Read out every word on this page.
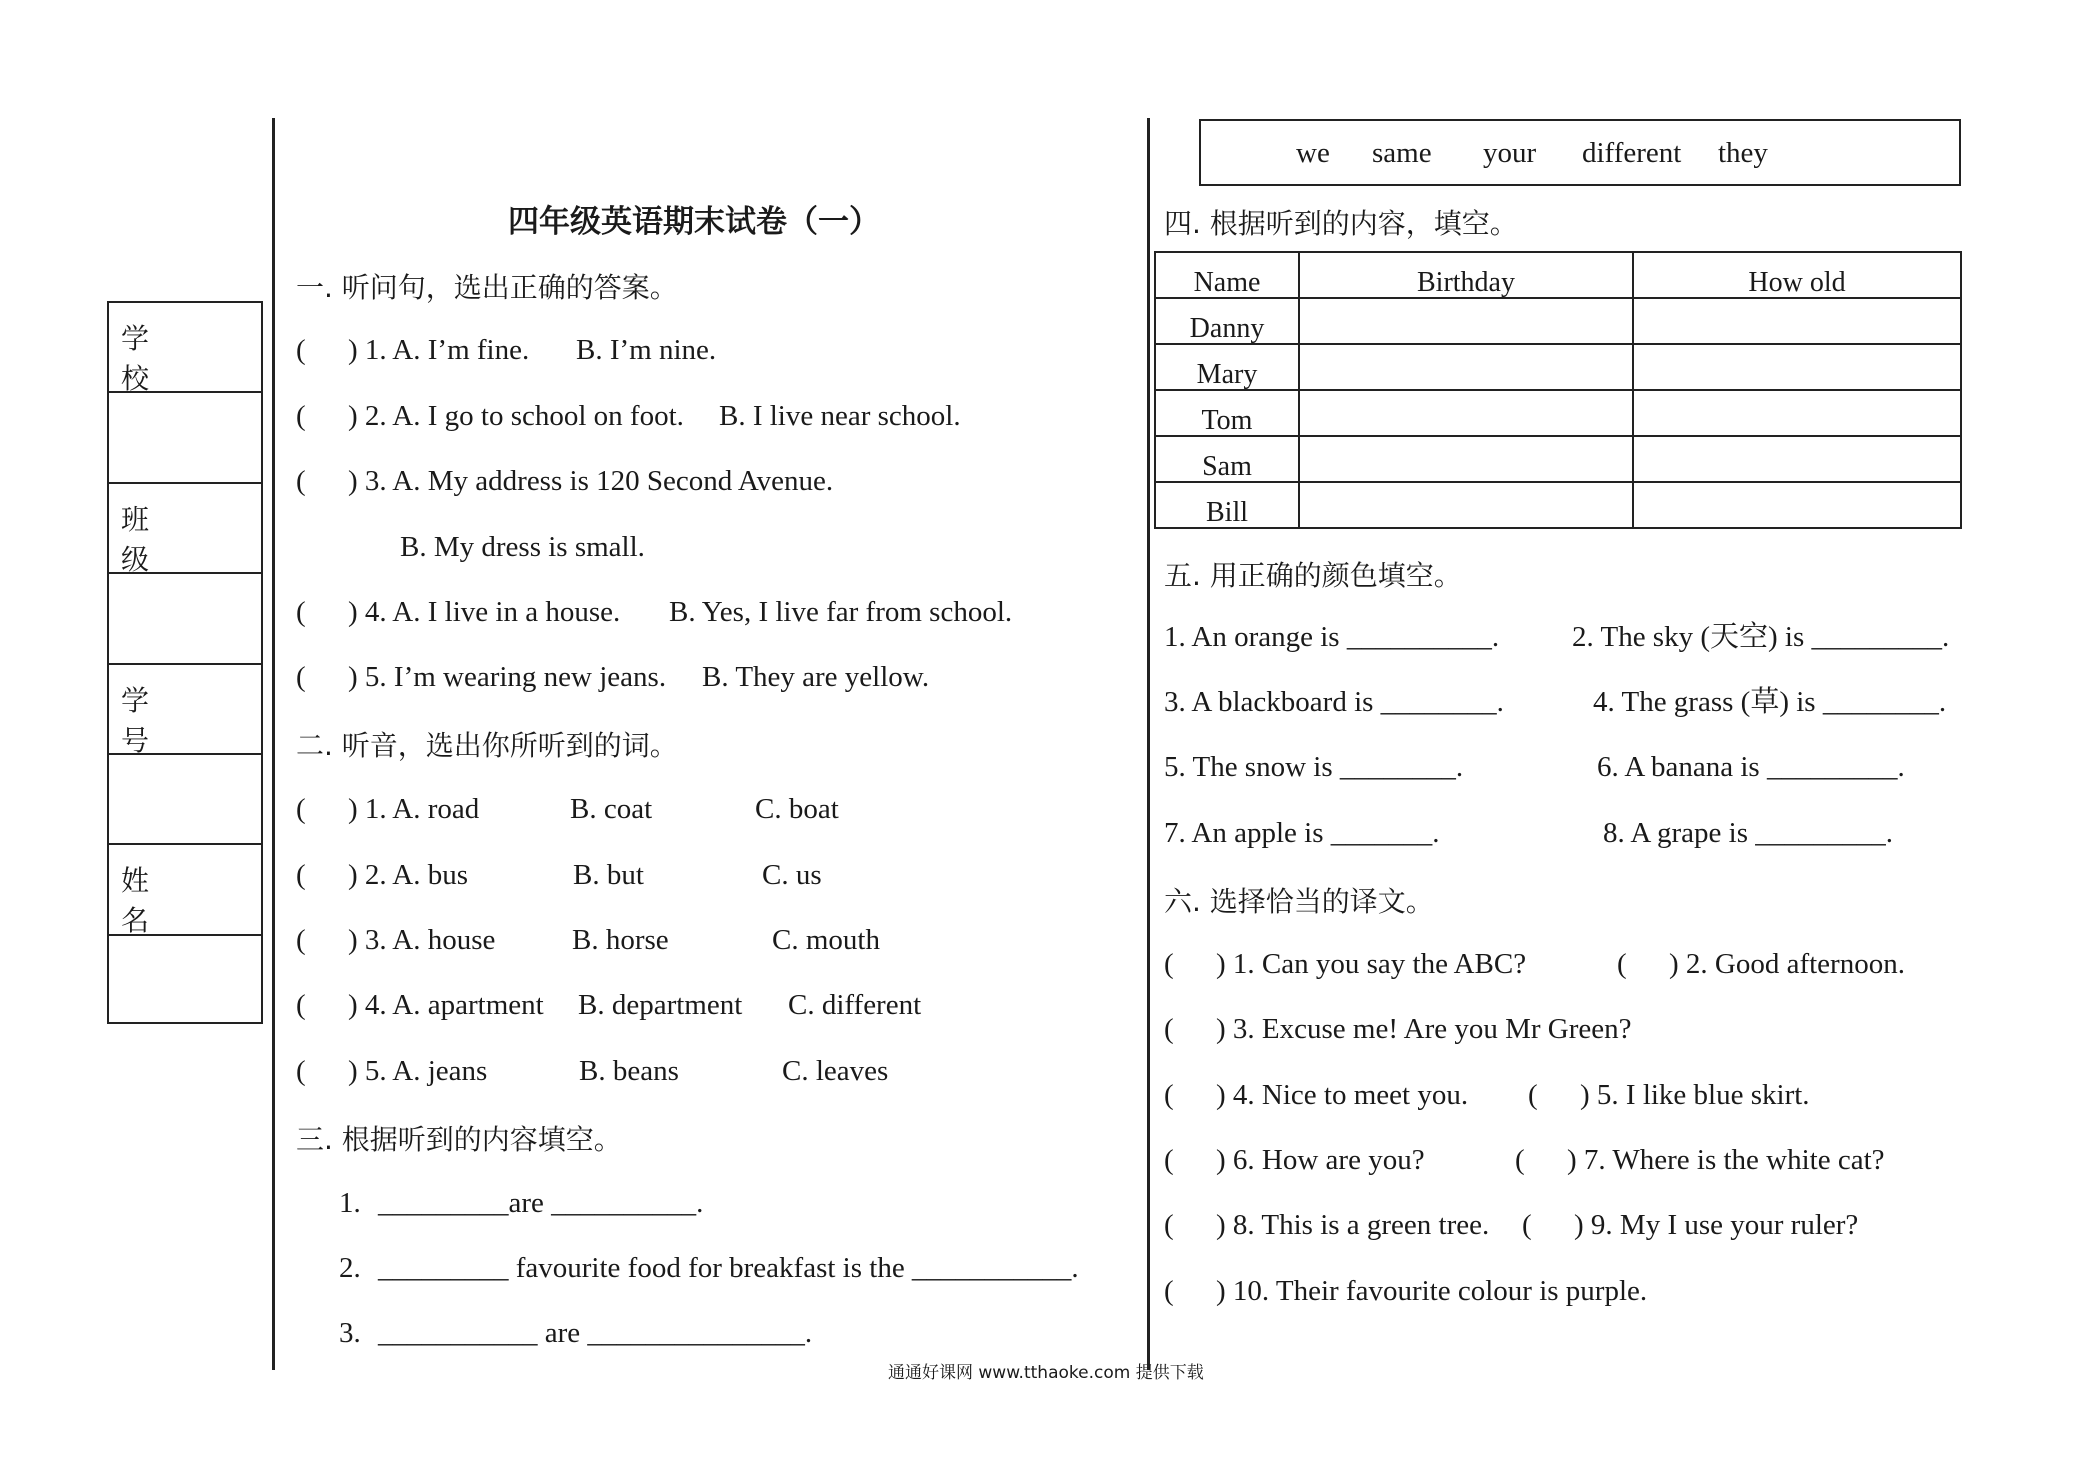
学 校
班 级
学 号
姓 名
四年级英语期末试卷（一）
一. 听问句，选出正确的答案。
( ) 1. A. I’m fine. B. I’m nine.
( ) 2. A. I go to school on foot. B. I live near school.
( ) 3. A. My address is 120 Second Avenue.
B. My dress is small.
( ) 4. A. I live in a house. B. Yes, I live far from school.
( ) 5. I’m wearing new jeans. B. They are yellow.
二. 听音，选出你所听到的词。
( ) 1. A. road	B. coat	C. boat
( ) 2. A. bus	B. but	C. us
( ) 3. A. house	B. horse	C. mouth
( ) 4. A. apartment B. department C. different
( ) 5. A. jeans	B. beans	C. leaves
三. 根据听到的内容填空。
1. _________are __________.
2. _________ favourite food for breakfast is the ___________.
3. ___________ are _______________.
we same your different they
四. 根据听到的内容，填空。
Name	Birthday	How old
Danny		
Mary		
Tom		
Sam		
Bill		
五. 用正确的颜色填空。
1. An orange is __________.	2. The sky (天空) is _________.
3. A blackboard is ________.	4. The grass (草) is ________.
5. The snow is ________.	6. A banana is _________.
7. An apple is _______.	8. A grape is _________.
六. 选择恰当的译文。
( ) 1. Can you say the ABC?	( ) 2. Good afternoon.
( ) 3. Excuse me! Are you Mr Green?
( ) 4. Nice to meet you. ( ) 5. I like blue skirt.
( ) 6. How are you?	( ) 7. Where is the white cat?
( ) 8. This is a green tree. ( ) 9. My I use your ruler?
( ) 10. Their favourite colour is purple.
通通好课网 www.tthaoke.com 提供下载
